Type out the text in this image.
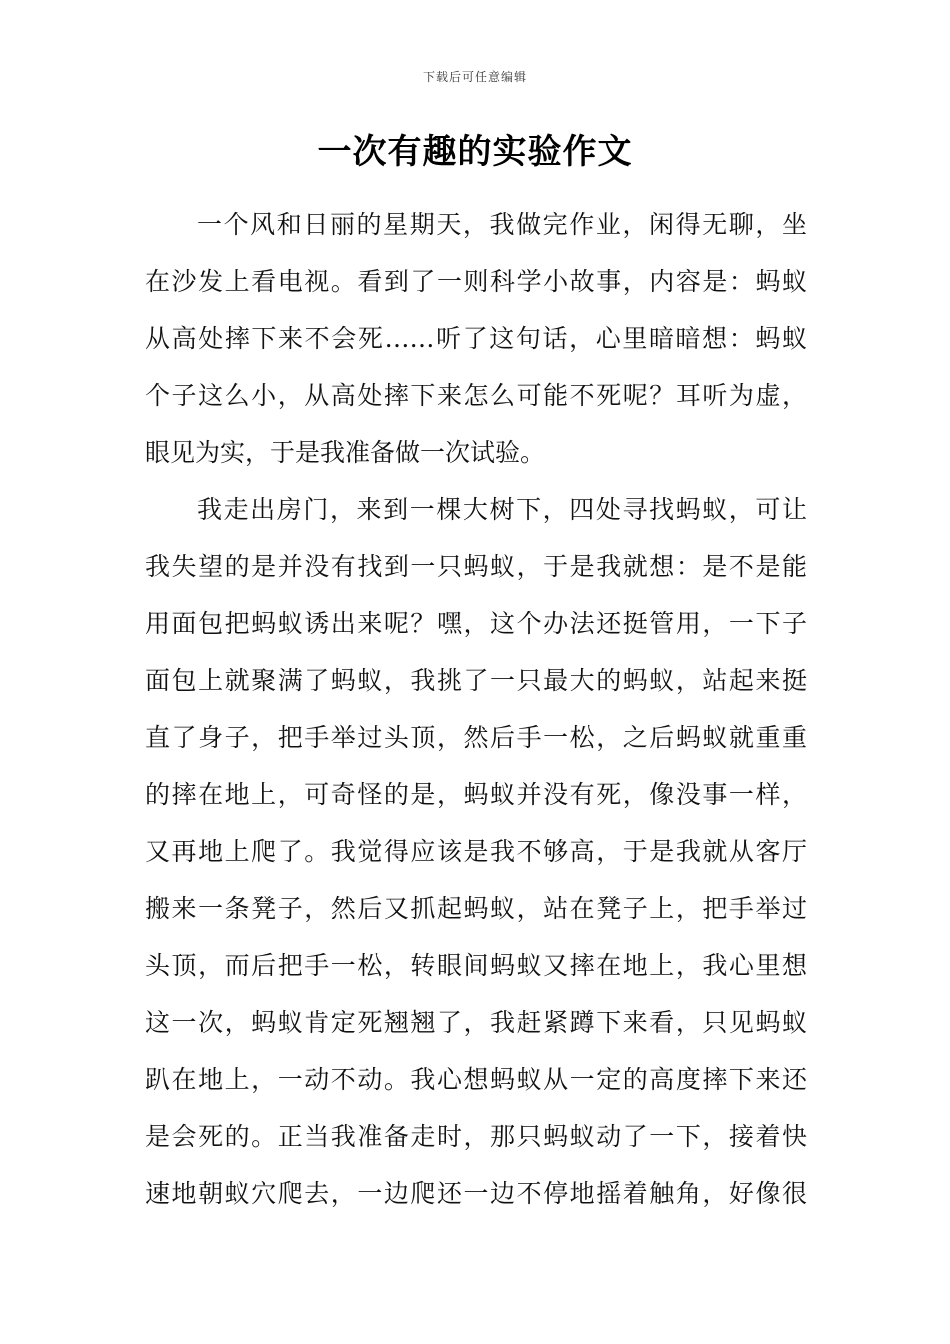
下载后可任意编辑
一次有趣的实验作文
一个风和日丽的星期天，我做完作业，闲得无聊，坐
在沙发上看电视。看到了一则科学小故事，内容是：蚂蚁
从高处摔下来不会死……听了这句话，心里暗暗想：蚂蚁
个子这么小，从高处摔下来怎么可能不死呢？耳听为虚，
眼见为实，于是我准备做一次试验。
我走出房门，来到一棵大树下，四处寻找蚂蚁，可让
我失望的是并没有找到一只蚂蚁，于是我就想：是不是能
用面包把蚂蚁诱出来呢？嘿，这个办法还挺管用，一下子
面包上就聚满了蚂蚁，我挑了一只最大的蚂蚁，站起来挺
直了身子，把手举过头顶，然后手一松，之后蚂蚁就重重
的摔在地上，可奇怪的是，蚂蚁并没有死，像没事一样，
又再地上爬了。我觉得应该是我不够高，于是我就从客厅
搬来一条凳子，然后又抓起蚂蚁，站在凳子上，把手举过
头顶，而后把手一松，转眼间蚂蚁又摔在地上，我心里想
这一次，蚂蚁肯定死翘翘了，我赶紧蹲下来看，只见蚂蚁
趴在地上，一动不动。我心想蚂蚁从一定的高度摔下来还
是会死的。正当我准备走时，那只蚂蚁动了一下，接着快
速地朝蚁穴爬去，一边爬还一边不停地摇着触角，好像很
